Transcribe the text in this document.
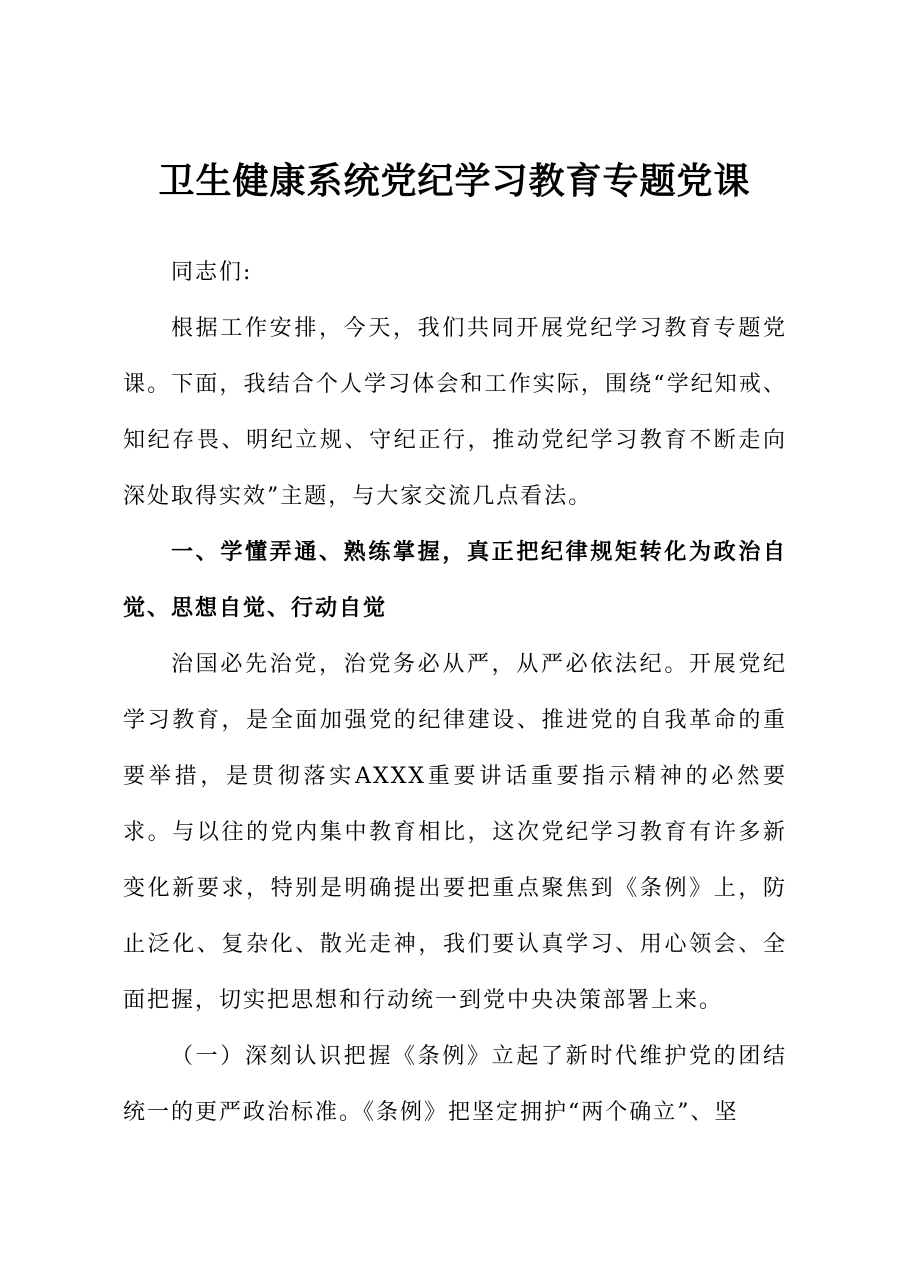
卫生健康系统党纪学习教育专题党课

同志们:

根据工作安排，今天，我们共同开展党纪学习教育专题党课。下面，我结合个人学习体会和工作实际，围绕“学纪知戒、知纪存畏、明纪立规、守纪正行，推动党纪学习教育不断走向深处取得实效”主题，与大家交流几点看法。

一、学懂弄通、熟练掌握，真正把纪律规矩转化为政治自觉、思想自觉、行动自觉

治国必先治党，治党务必从严，从严必依法纪。开展党纪学习教育，是全面加强党的纪律建设、推进党的自我革命的重要举措，是贯彻落实AXXX重要讲话重要指示精神的必然要求。与以往的党内集中教育相比，这次党纪学习教育有许多新变化新要求，特别是明确提出要把重点聚焦到《条例》上，防止泛化、复杂化、散光走神，我们要认真学习、用心领会、全面把握，切实把思想和行动统一到党中央决策部署上来。

（一）深刻认识把握《条例》立起了新时代维护党的团结统一的更严政治标准。《条例》把坚定拥护“两个确立”、坚
